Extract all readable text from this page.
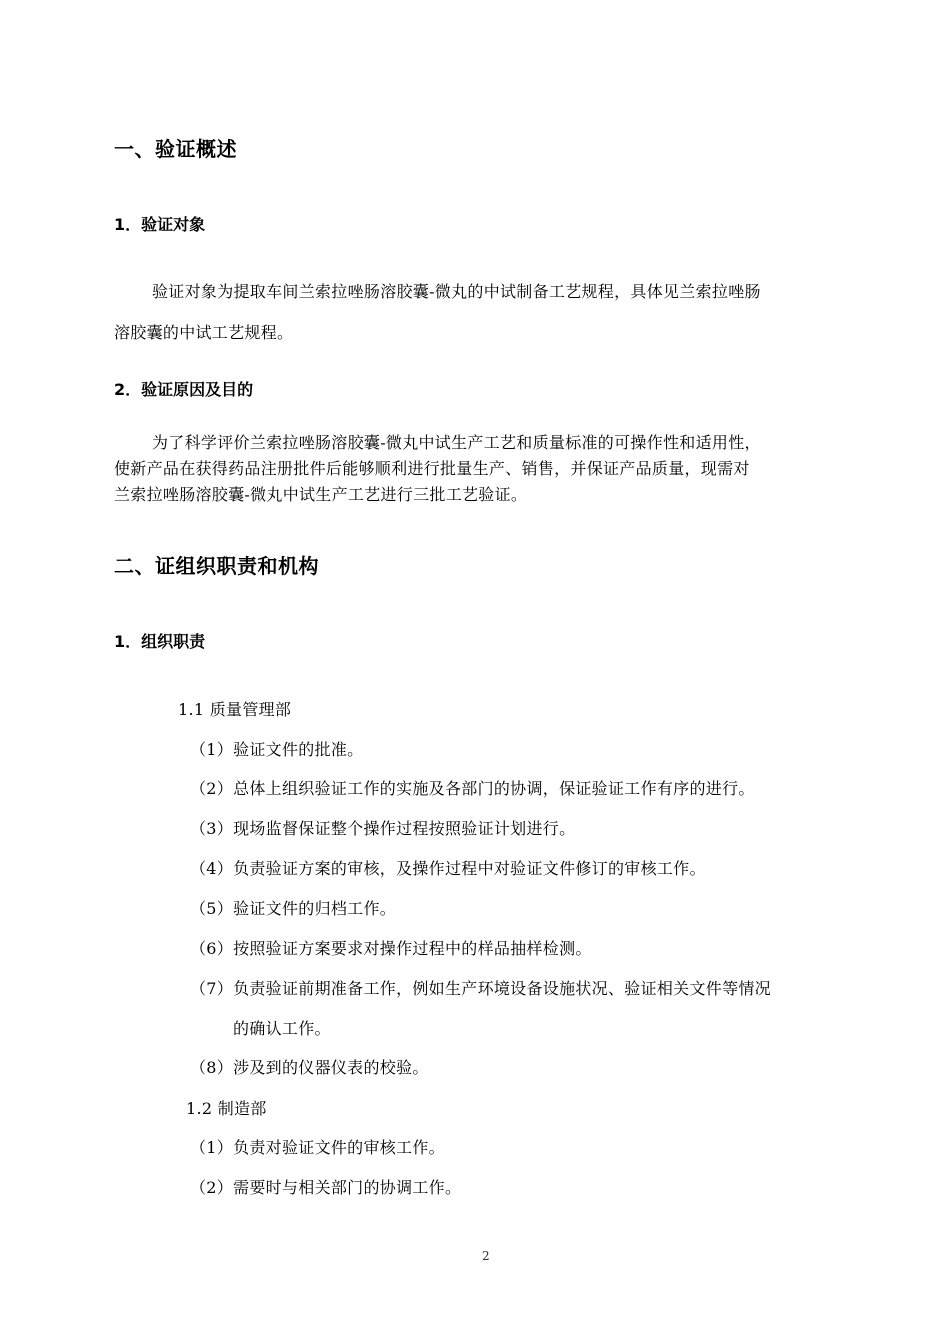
一、验证概述
1．验证对象
验证对象为提取车间兰索拉唑肠溶胶囊-微丸的中试制备工艺规程，具体见兰索拉唑肠
溶胶囊的中试工艺规程。
2．验证原因及目的
为了科学评价兰索拉唑肠溶胶囊-微丸中试生产工艺和质量标准的可操作性和适用性，
使新产品在获得药品注册批件后能够顺利进行批量生产、销售，并保证产品质量，现需对
兰索拉唑肠溶胶囊-微丸中试生产工艺进行三批工艺验证。
二、证组织职责和机构
1．组织职责
1.1 质量管理部
（1）验证文件的批准。
（2）总体上组织验证工作的实施及各部门的协调，保证验证工作有序的进行。
（3）现场监督保证整个操作过程按照验证计划进行。
（4）负责验证方案的审核，及操作过程中对验证文件修订的审核工作。
（5）验证文件的归档工作。
（6）按照验证方案要求对操作过程中的样品抽样检测。
（7）负责验证前期准备工作，例如生产环境设备设施状况、验证相关文件等情况
的确认工作。
（8）涉及到的仪器仪表的校验。
1.2 制造部
（1）负责对验证文件的审核工作。
（2）需要时与相关部门的协调工作。
2
